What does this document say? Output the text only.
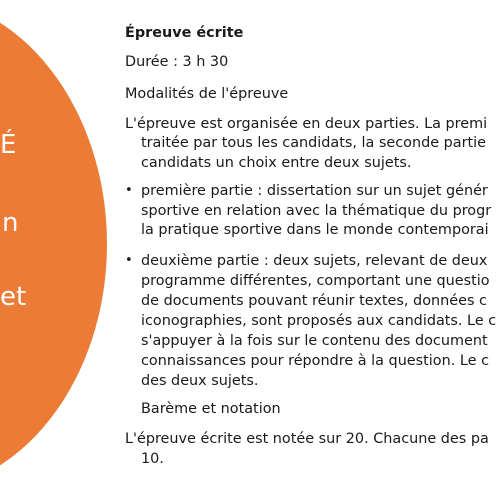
É
n
et
Épreuve écrite
Durée : 3 h 30
Modalités de l'épreuve
L'épreuve est organisée en deux parties. La premi
traitée par tous les candidats, la seconde partie
candidats un choix entre deux sujets.
• première partie : dissertation sur un sujet génér
sportive en relation avec la thématique du progr
la pratique sportive dans le monde contemporai
• deuxième partie : deux sujets, relevant de deux
programme différentes, comportant une questio
de documents pouvant réunir textes, données c
iconographies, sont proposés aux candidats. Le c
s'appuyer à la fois sur le contenu des document
connaissances pour répondre à la question. Le c
des deux sujets.
Barème et notation
L'épreuve écrite est notée sur 20. Chacune des pa
10.
